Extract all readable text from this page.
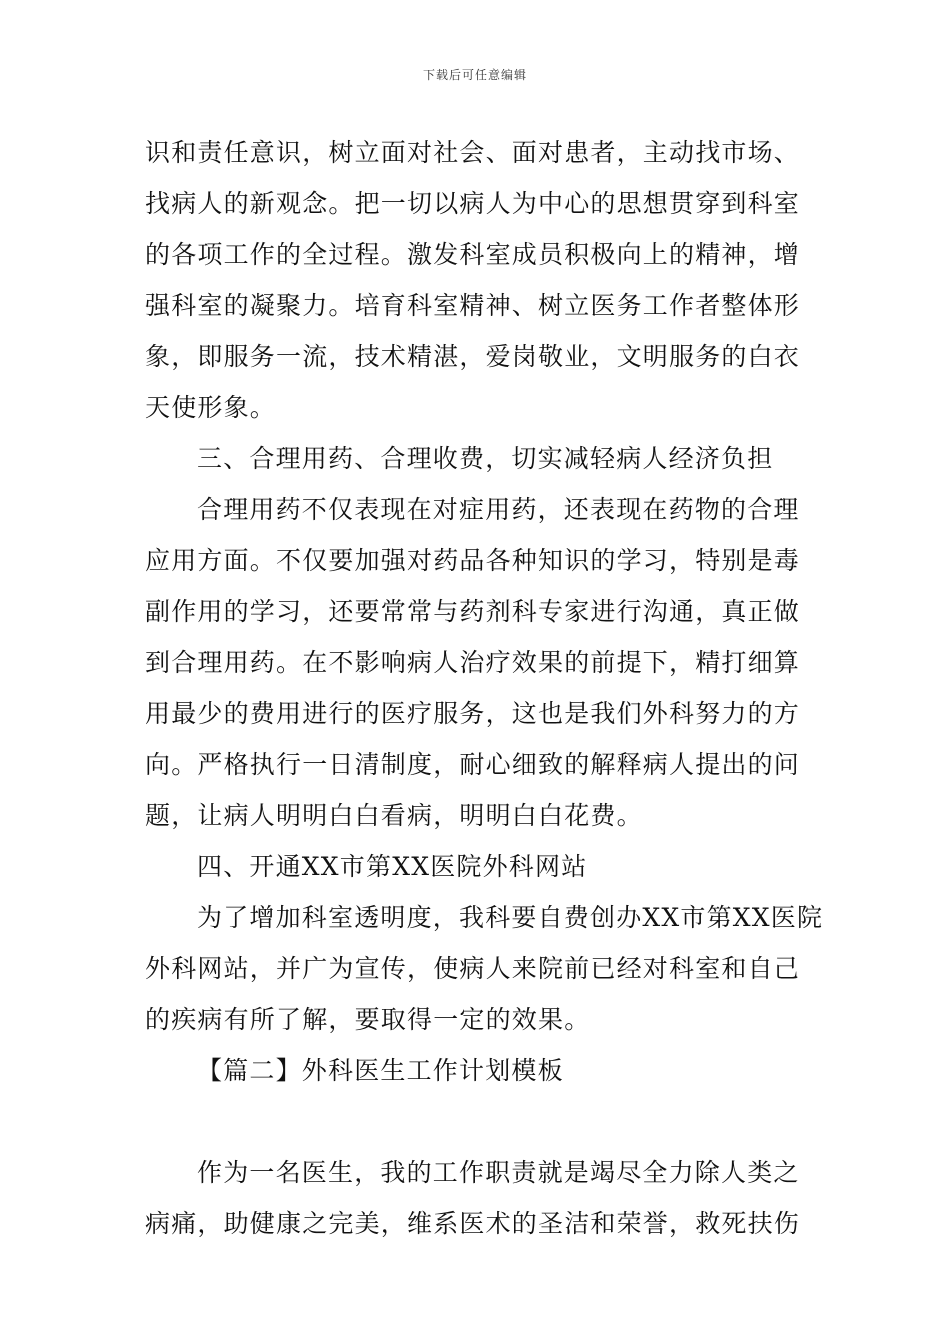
下载后可任意编辑
识和责任意识，树立面对社会、面对患者，主动找市场、
找病人的新观念。把一切以病人为中心的思想贯穿到科室
的各项工作的全过程。激发科室成员积极向上的精神，增
强科室的凝聚力。培育科室精神、树立医务工作者整体形
象，即服务一流，技术精湛，爱岗敬业，文明服务的白衣
天使形象。
三、合理用药、合理收费，切实减轻病人经济负担
合理用药不仅表现在对症用药，还表现在药物的合理
应用方面。不仅要加强对药品各种知识的学习，特别是毒
副作用的学习，还要常常与药剂科专家进行沟通，真正做
到合理用药。在不影响病人治疗效果的前提下，精打细算
用最少的费用进行的医疗服务，这也是我们外科努力的方
向。严格执行一日清制度，耐心细致的解释病人提出的问
题，让病人明明白白看病，明明白白花费。
四、开通XX市第XX医院外科网站
为了增加科室透明度，我科要自费创办XX市第XX医院
外科网站，并广为宣传，使病人来院前已经对科室和自己
的疾病有所了解，要取得一定的效果。
【篇二】外科医生工作计划模板
作为一名医生，我的工作职责就是竭尽全力除人类之
病痛，助健康之完美，维系医术的圣洁和荣誉，救死扶伤
